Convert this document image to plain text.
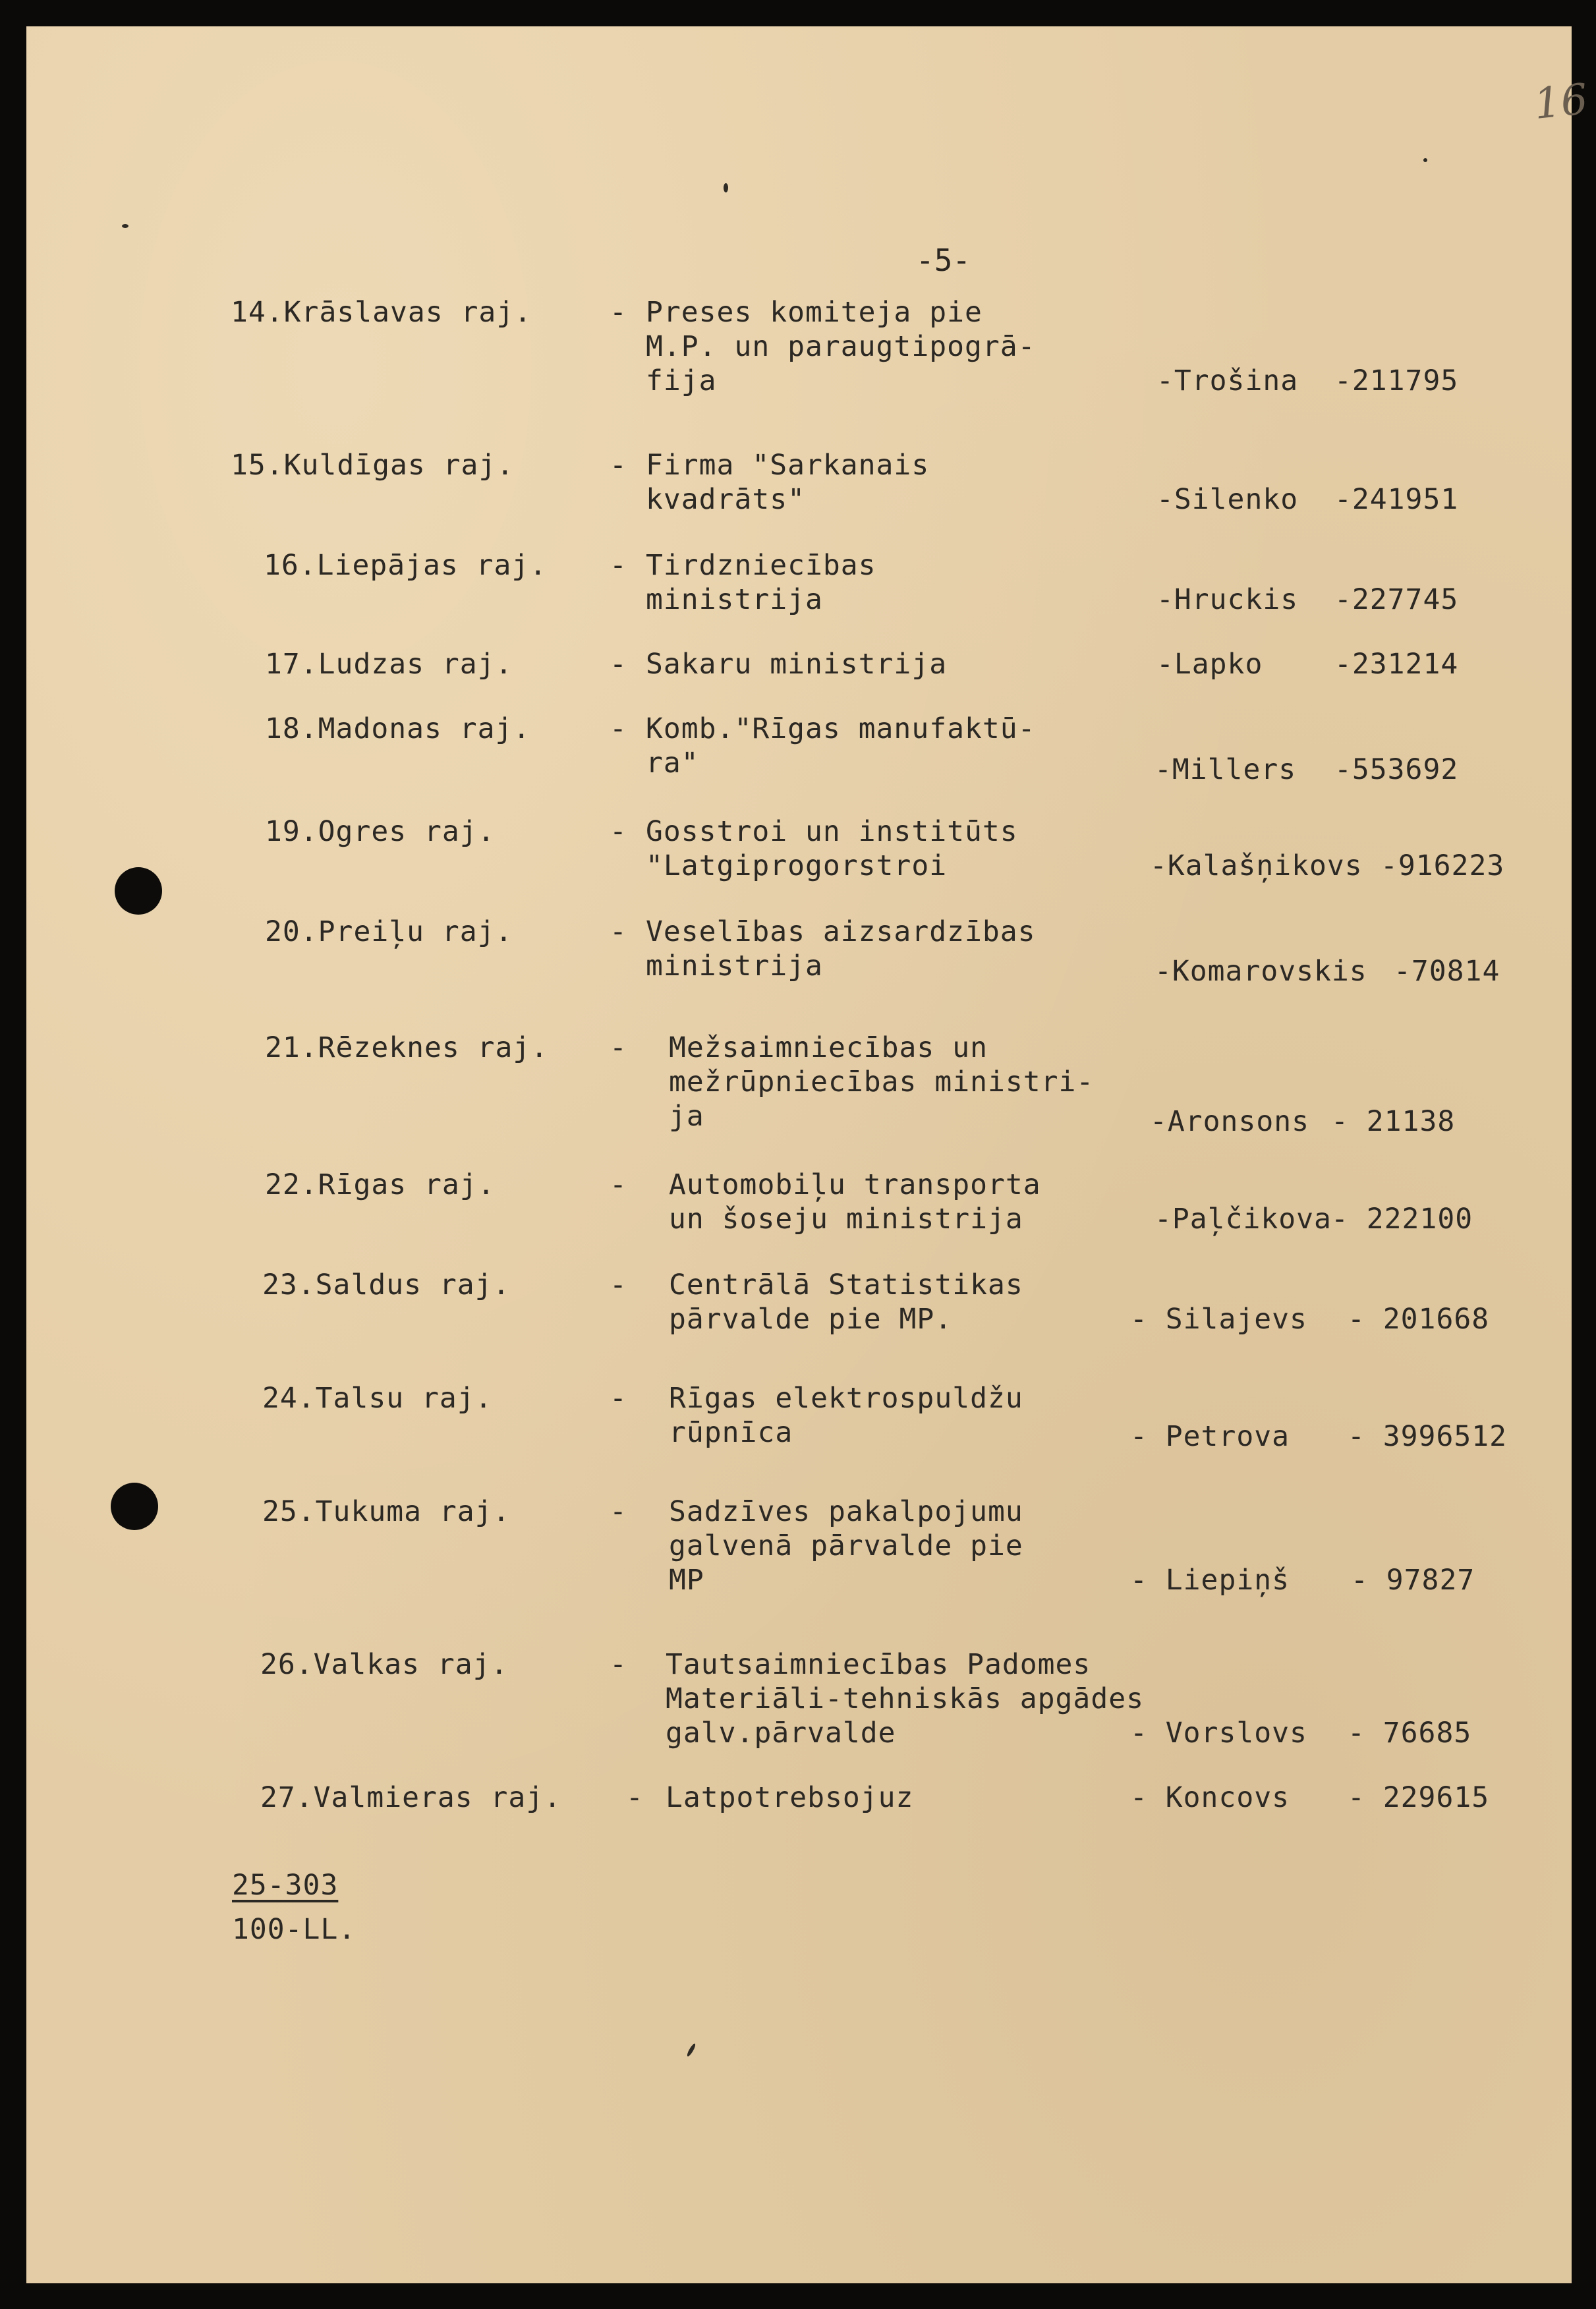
16
-5-
14.Krāslavas raj.	- Preses komiteja pie
M.P. un paraugtipogrā-
fija	-Trošina -211795
15.Kuldīgas raj.	- Firma "Sarkanais
kvadrāts"	-Silenko -241951
16.Liepājas raj. - Tirdzniecības
ministrija	-Hruckis -227745
17.Ludzas raj.	- Sakaru ministrija	-Lapko	-231214
18.Madonas raj.	- Komb."Rīgas manufaktū-
ra"	-Millers -553692
19.Ogres raj.	- Gosstroi un institūts
"Latgiprogorstroi	-Kalašņikovs -916223
20.Preiļu raj.	- Veselības aizsardzības
ministrija	-Komarovskis -70814
21.Rēzeknes raj. - Mežsaimniecības un
mežrūpniecības ministri-
ja	-Aronsons - 21138
22.Rīgas raj.	- Automobiļu transporta
un šoseju ministrija	-Paļčikova - 222100
23.Saldus raj.	- Centrālā Statistikas
pārvalde pie MP.	- Silajevs - 201668
24.Talsu raj.	- Rīgas elektrospuldžu
rūpnīca	- Petrova - 3996512
25.Tukuma raj.	- Sadzīves pakalpojumu
galvenā pārvalde pie
MP	- Liepiņš - 97827
26.Valkas raj.	- Tautsaimniecības Padomes
Materiāli-tehniskās apgādes
galv.pārvalde	- Vorslovs - 76685
27.Valmieras raj. - Latpotrebsojuz	- Koncovs - 229615
25-303
100-LL.
